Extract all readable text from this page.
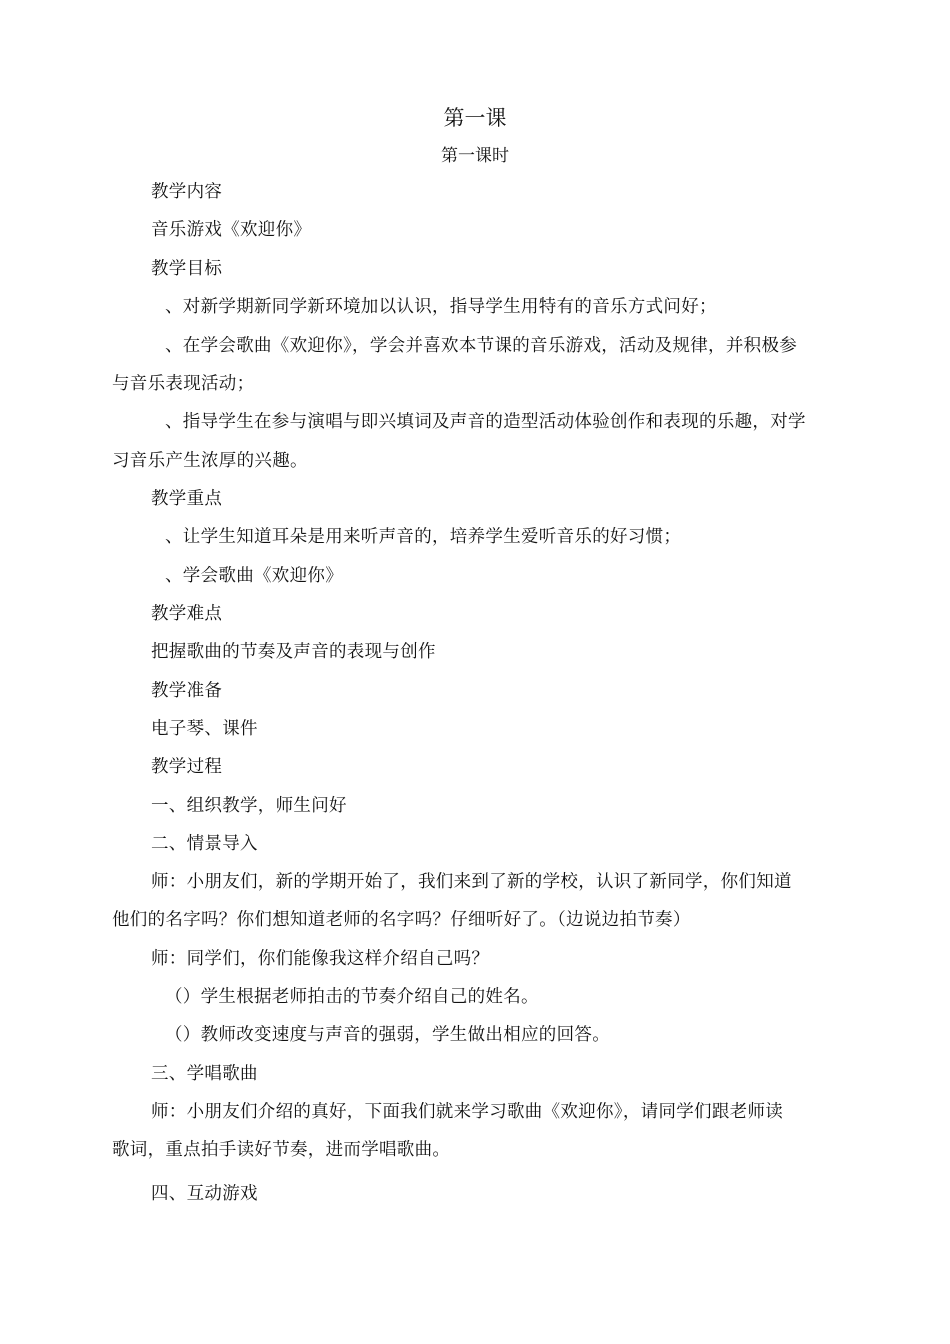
第一课
第一课时
教学内容
音乐游戏《欢迎你》
教学目标
、对新学期新同学新环境加以认识，指导学生用特有的音乐方式问好；
、在学会歌曲《欢迎你》，学会并喜欢本节课的音乐游戏，活动及规律，并积极参
与音乐表现活动；
、指导学生在参与演唱与即兴填词及声音的造型活动体验创作和表现的乐趣，对学
习音乐产生浓厚的兴趣。
教学重点
、让学生知道耳朵是用来听声音的，培养学生爱听音乐的好习惯；
、学会歌曲《欢迎你》
教学难点
把握歌曲的节奏及声音的表现与创作
教学准备
电子琴、课件
教学过程
一、组织教学，师生问好
二、情景导入
师：小朋友们，新的学期开始了，我们来到了新的学校，认识了新同学，你们知道
他们的名字吗？你们想知道老师的名字吗？仔细听好了。（边说边拍节奏）
师：同学们，你们能像我这样介绍自己吗？
（）学生根据老师拍击的节奏介绍自己的姓名。
（）教师改变速度与声音的强弱，学生做出相应的回答。
三、学唱歌曲
师：小朋友们介绍的真好，下面我们就来学习歌曲《欢迎你》，请同学们跟老师读
歌词，重点拍手读好节奏，进而学唱歌曲。
四、互动游戏
